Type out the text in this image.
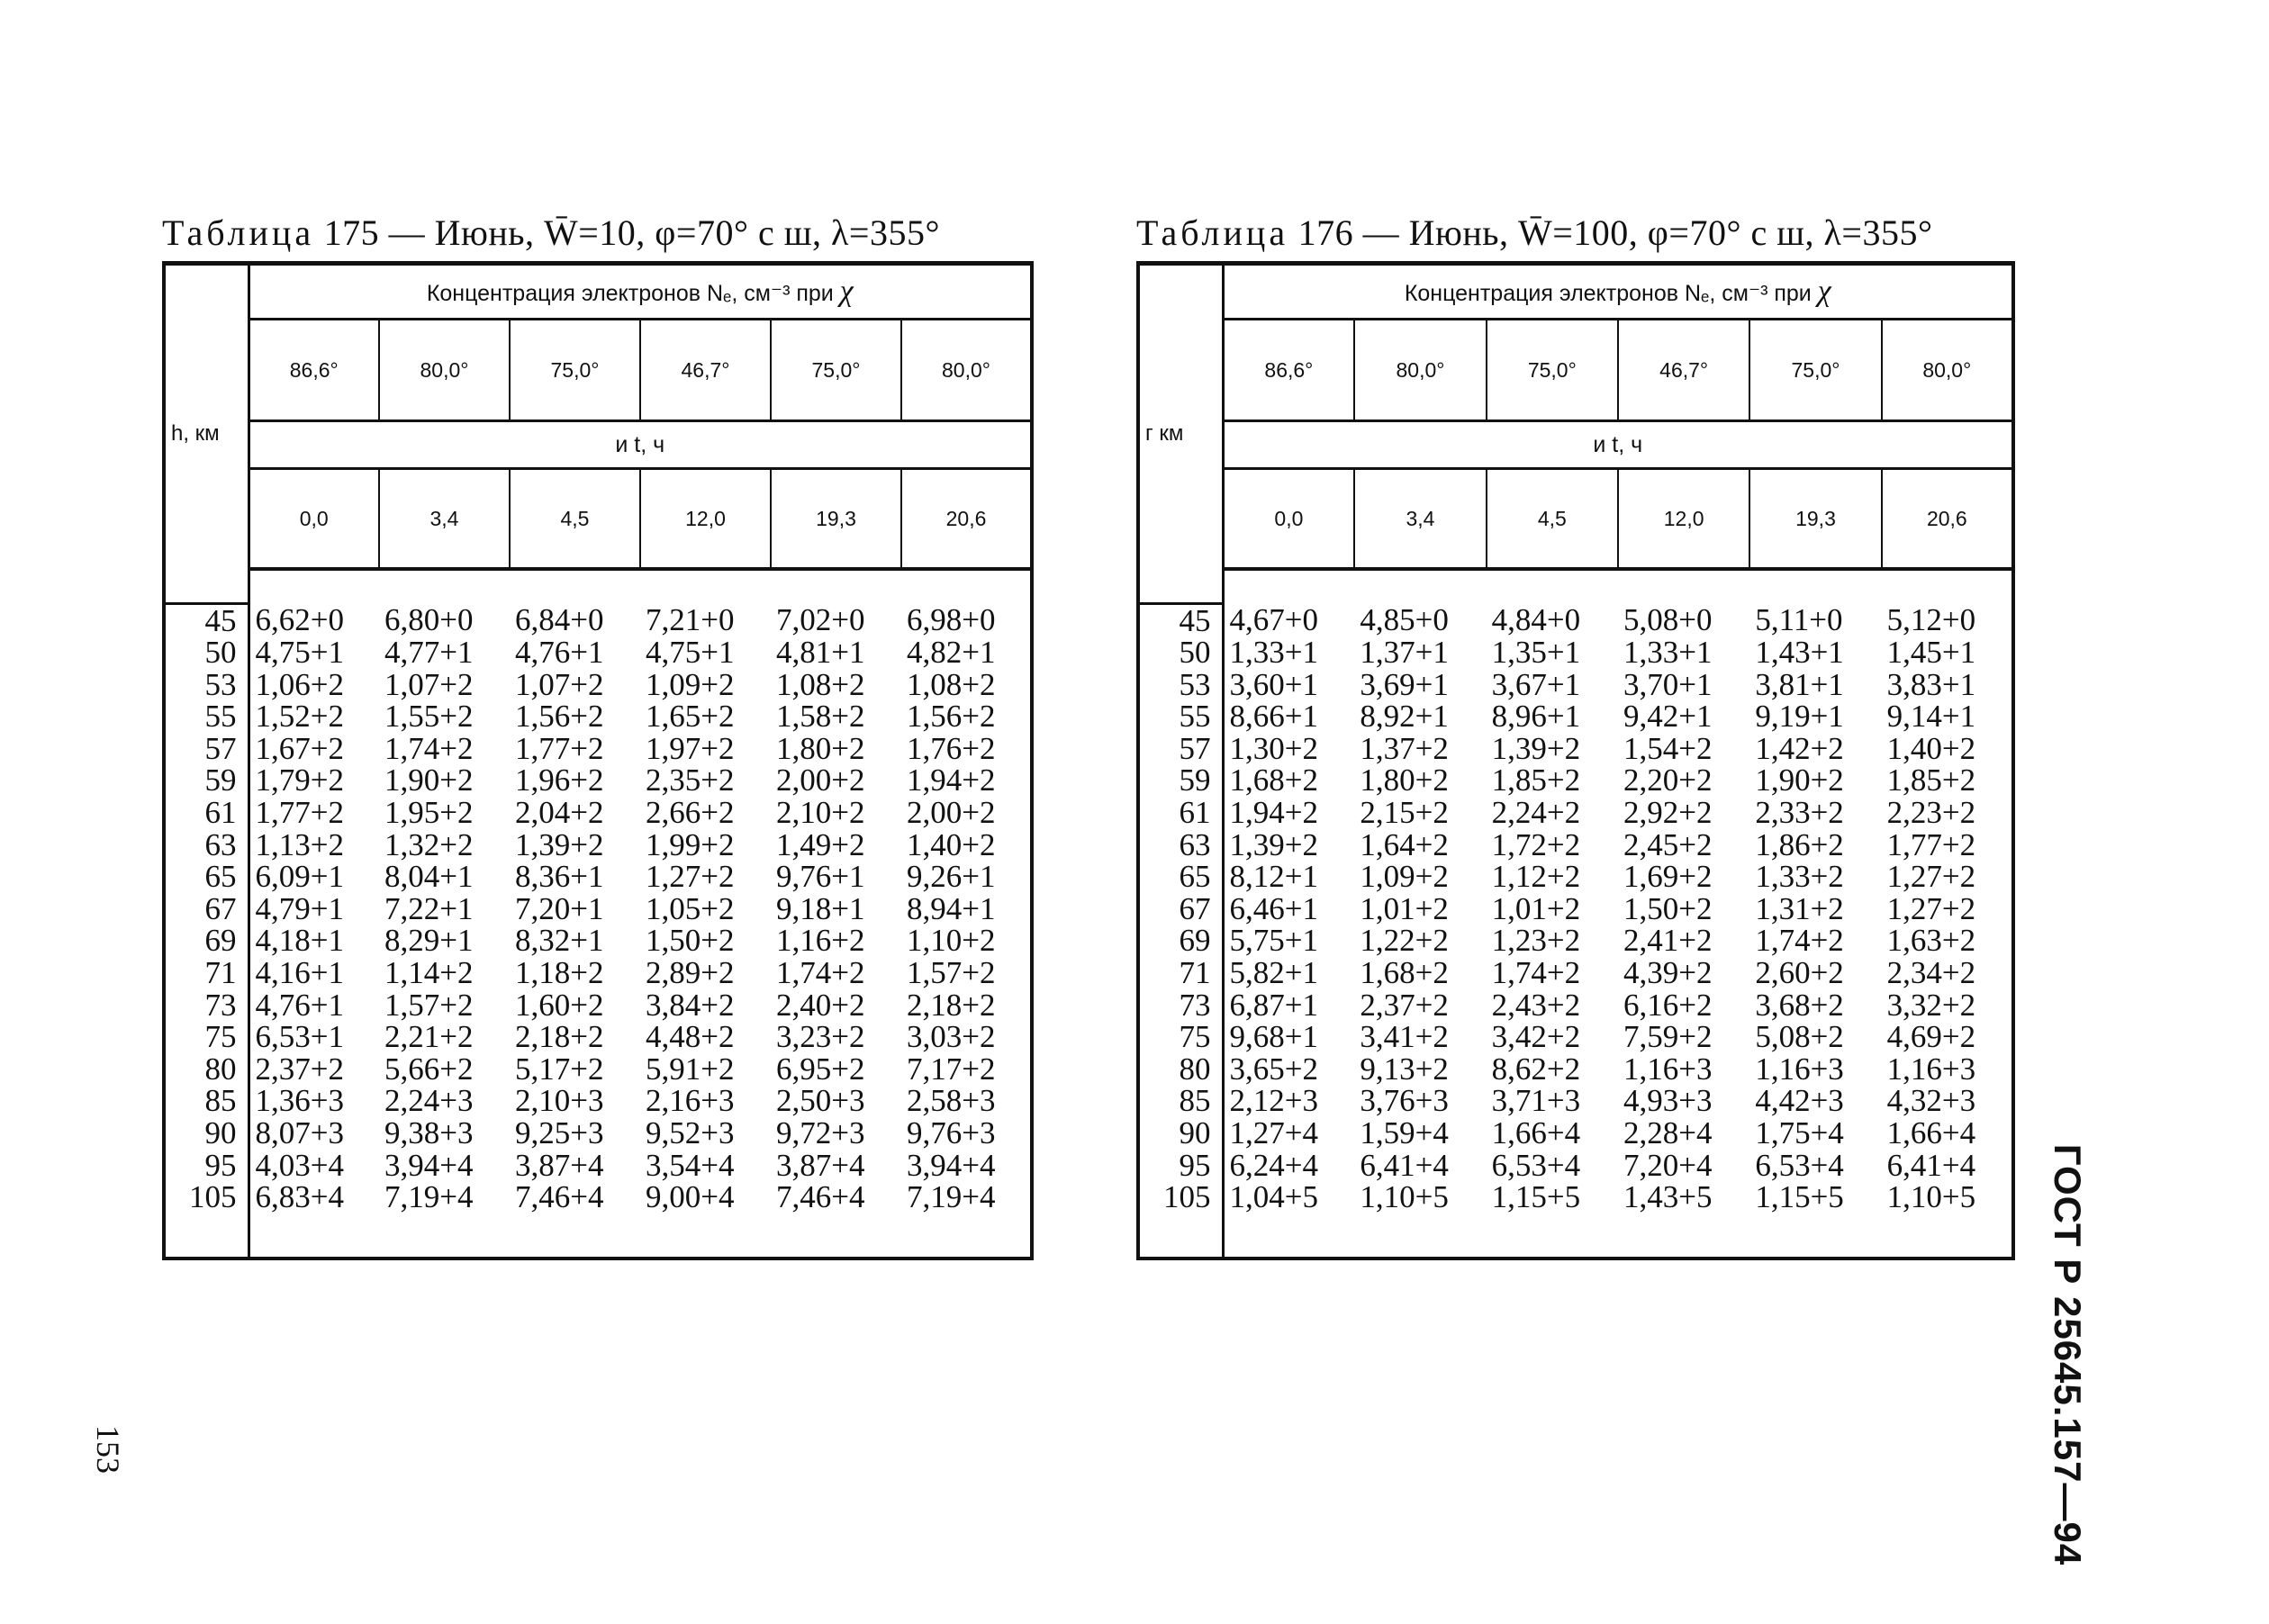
Таблица 175 — Июнь, W̄=10, φ=70° с ш, λ=355°
h, км	Концентрация электронов Nₑ, см⁻³ при χ					
	86,6°	80,0°	75,0°	46,7°	75,0°	80,0°
	и t, ч					
	0,0	3,4	4,5	12,0	19,3	20,6

45	6,62+0	6,80+0	6,84+0	7,21+0	7,02+0	6,98+0
50	4,75+1	4,77+1	4,76+1	4,75+1	4,81+1	4,82+1
53	1,06+2	1,07+2	1,07+2	1,09+2	1,08+2	1,08+2
55	1,52+2	1,55+2	1,56+2	1,65+2	1,58+2	1,56+2
57	1,67+2	1,74+2	1,77+2	1,97+2	1,80+2	1,76+2
59	1,79+2	1,90+2	1,96+2	2,35+2	2,00+2	1,94+2
61	1,77+2	1,95+2	2,04+2	2,66+2	2,10+2	2,00+2
63	1,13+2	1,32+2	1,39+2	1,99+2	1,49+2	1,40+2
65	6,09+1	8,04+1	8,36+1	1,27+2	9,76+1	9,26+1
67	4,79+1	7,22+1	7,20+1	1,05+2	9,18+1	8,94+1
69	4,18+1	8,29+1	8,32+1	1,50+2	1,16+2	1,10+2
71	4,16+1	1,14+2	1,18+2	2,89+2	1,74+2	1,57+2
73	4,76+1	1,57+2	1,60+2	3,84+2	2,40+2	2,18+2
75	6,53+1	2,21+2	2,18+2	4,48+2	3,23+2	3,03+2
80	2,37+2	5,66+2	5,17+2	5,91+2	6,95+2	7,17+2
85	1,36+3	2,24+3	2,10+3	2,16+3	2,50+3	2,58+3
90	8,07+3	9,38+3	9,25+3	9,52+3	9,72+3	9,76+3
95	4,03+4	3,94+4	3,87+4	3,54+4	3,87+4	3,94+4
105	6,83+4	7,19+4	7,46+4	9,00+4	7,46+4	7,19+4

Таблица 176 — Июнь, W̄=100, φ=70° с ш, λ=355°
г км	Концентрация электронов Nₑ, см⁻³ при χ					
	86,6°	80,0°	75,0°	46,7°	75,0°	80,0°
	и t, ч					
	0,0	3,4	4,5	12,0	19,3	20,6

45	4,67+0	4,85+0	4,84+0	5,08+0	5,11+0	5,12+0
50	1,33+1	1,37+1	1,35+1	1,33+1	1,43+1	1,45+1
53	3,60+1	3,69+1	3,67+1	3,70+1	3,81+1	3,83+1
55	8,66+1	8,92+1	8,96+1	9,42+1	9,19+1	9,14+1
57	1,30+2	1,37+2	1,39+2	1,54+2	1,42+2	1,40+2
59	1,68+2	1,80+2	1,85+2	2,20+2	1,90+2	1,85+2
61	1,94+2	2,15+2	2,24+2	2,92+2	2,33+2	2,23+2
63	1,39+2	1,64+2	1,72+2	2,45+2	1,86+2	1,77+2
65	8,12+1	1,09+2	1,12+2	1,69+2	1,33+2	1,27+2
67	6,46+1	1,01+2	1,01+2	1,50+2	1,31+2	1,27+2
69	5,75+1	1,22+2	1,23+2	2,41+2	1,74+2	1,63+2
71	5,82+1	1,68+2	1,74+2	4,39+2	2,60+2	2,34+2
73	6,87+1	2,37+2	2,43+2	6,16+2	3,68+2	3,32+2
75	9,68+1	3,41+2	3,42+2	7,59+2	5,08+2	4,69+2
80	3,65+2	9,13+2	8,62+2	1,16+3	1,16+3	1,16+3
85	2,12+3	3,76+3	3,71+3	4,93+3	4,42+3	4,32+3
90	1,27+4	1,59+4	1,66+4	2,28+4	1,75+4	1,66+4
95	6,24+4	6,41+4	6,53+4	7,20+4	6,53+4	6,41+4
105	1,04+5	1,10+5	1,15+5	1,43+5	1,15+5	1,10+5
						ГОСТ Р 25645.157—94
153
